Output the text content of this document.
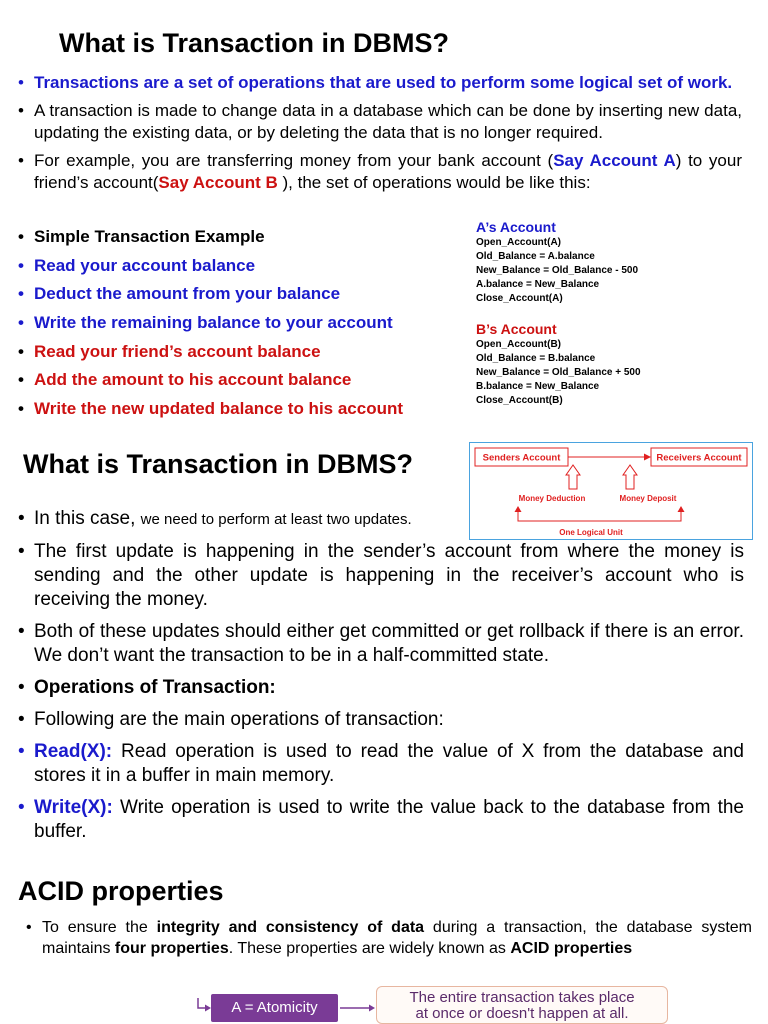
What is Transaction in DBMS?
• Transactions are a set of operations that are used to perform some logical set of work.
• A transaction is made to change data in a database which can be done by inserting new data, updating the existing data, or by deleting the data that is no longer required.
• For example, you are transferring money from your bank account (Say Account A) to your friend’s account(Say Account B ), the set of operations would be like this:
• Simple Transaction Example
• Read your account balance
• Deduct the amount from your balance
• Write the remaining balance to your account
• Read your friend’s account balance
• Add the amount to his account balance
• Write the new updated balance to his account
A’s Account
Open_Account(A)
Old_Balance = A.balance
New_Balance = Old_Balance - 500
A.balance = New_Balance
Close_Account(A)
B’s Account
Open_Account(B)
Old_Balance = B.balance
New_Balance = Old_Balance + 500
B.balance = New_Balance
Close_Account(B)
What is Transaction in DBMS?	Senders Account	Receivers Account
Money Deduction	Money Deposit
One Logical Unit
• In this case, we need to perform at least two updates.
• The first update is happening in the sender’s account from where the money is sending and the other update is happening in the receiver’s account who is receiving the money.
• Both of these updates should either get committed or get rollback if there is an error. We don’t want the transaction to be in a half-committed state.
• Operations of Transaction:
• Following are the main operations of transaction:
• Read(X): Read operation is used to read the value of X from the database and stores it in a buffer in main memory.
• Write(X): Write operation is used to write the value back to the database from the buffer.
ACID properties
• To ensure the integrity and consistency of data during a transaction, the database system maintains four properties. These properties are widely known as ACID properties
A = Atomicity
The entire transaction takes place
at once or doesn't happen at all.
